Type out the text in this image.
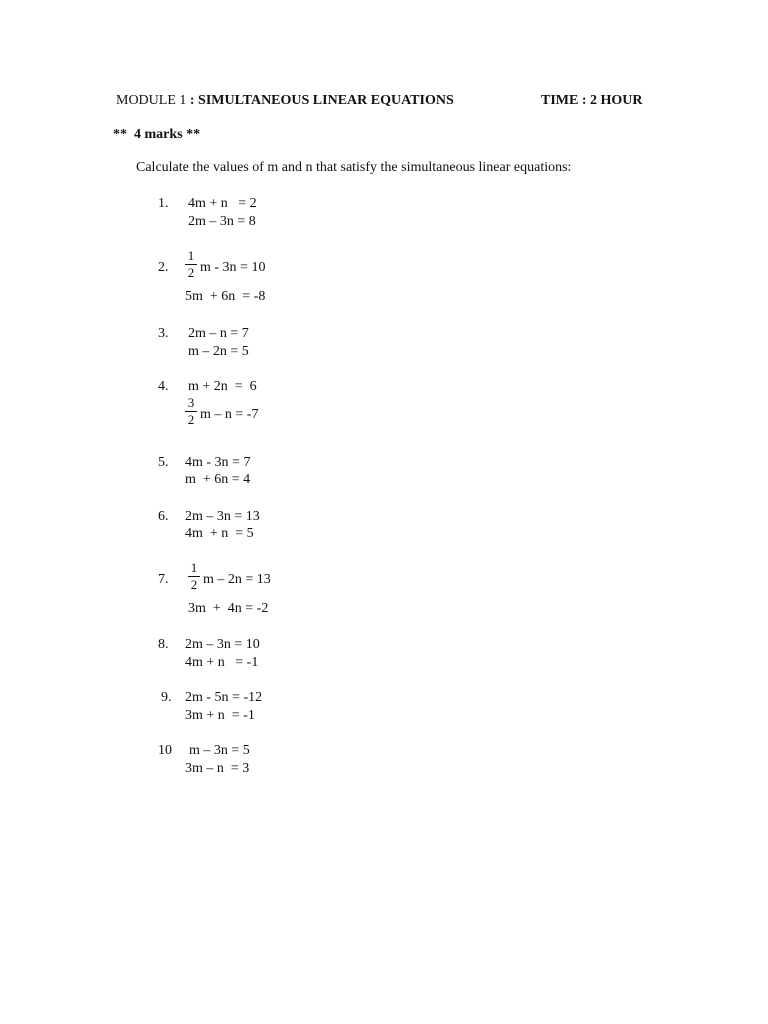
MODULE 1 : SIMULTANEOUS LINEAR EQUATIONS	TIME : 2 HOUR
**  4 marks **
Calculate the values of m and n that satisfy the simultaneous linear equations:
1. 4m + n   = 2
2m – 3n = 8
2. $\frac{1}{2}$ m - 3n = 10
5m  + 6n  = -8
3. 2m – n = 7
m – 2n = 5
4. m + 2n  =  6
$\frac{3}{2}$ m – n = -7
5. 4m - 3n = 7
m  + 6n = 4
6. 2m – 3n = 13
4m  + n  = 5
7. $\frac{1}{2}$ m – 2n = 13
3m  +  4n = -2
8. 2m – 3n = 10
4m + n   = -1
9. 2m - 5n = -12
3m + n  = -1
10 m – 3n = 5
3m – n  = 3
